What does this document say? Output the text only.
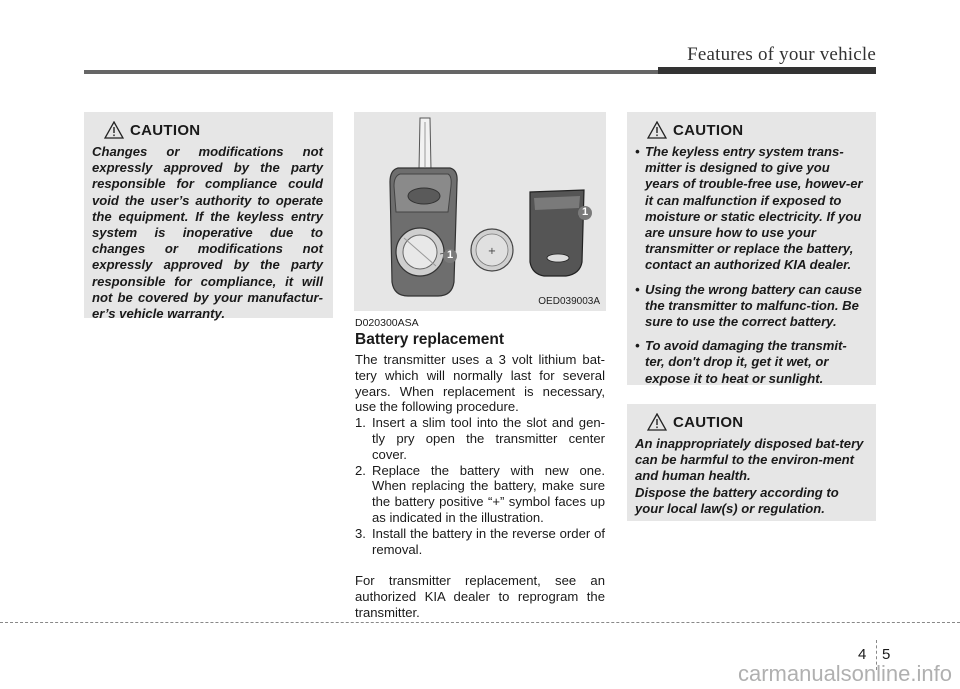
Features of your vehicle
CAUTION
Changes or modifications not expressly approved by the party responsible for compliance could void the user’s authority to operate the equipment. If the keyless entry system is inoperative due to changes or modifications not expressly approved by the party responsible for compliance, it will not be covered by your manufactur-er’s vehicle warranty.
+
1
1
OED039003A
D020300ASA
Battery replacement

The transmitter uses a 3 volt lithium bat-tery which will normally last for several years. When replacement is necessary, use the following procedure.

1. Insert a slim tool into the slot and gen-tly pry open the transmitter center cover.
2. Replace the battery with new one. When replacing the battery, make sure the battery positive “+” symbol faces up as indicated in the illustration.
3. Install the battery in the reverse order of removal.

For transmitter replacement, see an authorized KIA dealer to reprogram the transmitter.

CAUTION
• The keyless entry system trans-mitter is designed to give you years of trouble-free use, howev-er it can malfunction if exposed to moisture or static electricity. If you are unsure how to use your transmitter or replace the battery, contact an authorized KIA dealer.
• Using the wrong battery can cause the transmitter to malfunc-tion. Be sure to use the correct battery.
• To avoid damaging the transmit-ter, don't drop it, get it wet, or expose it to heat or sunlight.
CAUTION

An inappropriately disposed bat-tery can be harmful to the environ-ment and human health.

Dispose the battery according to your local law(s) or regulation.

4 5
carmanualsonline.info
